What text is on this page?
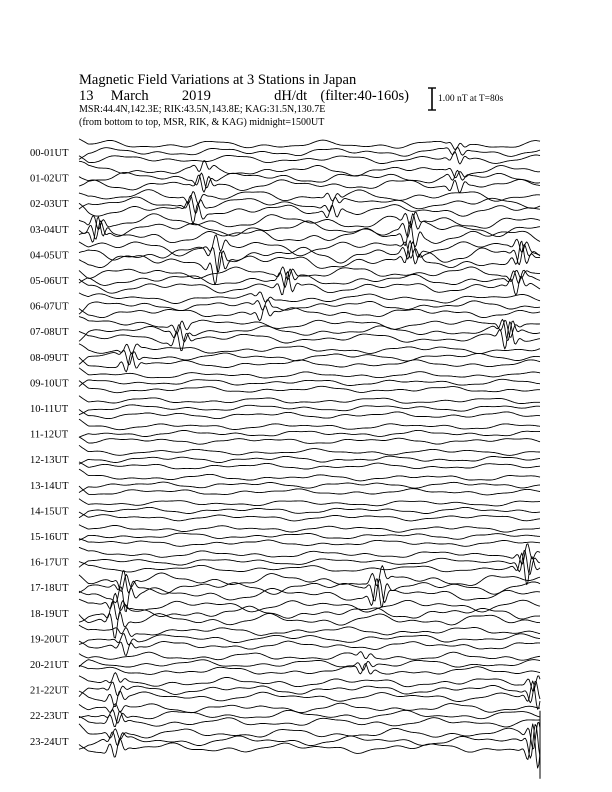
Magnetic Field Variations at 3 Stations in Japan
13 March 2019	dH/dt (filter:40-160s)
MSR:44.4N,142.3E; RIK:43.5N,143.8E; KAG:31.5N,130.7E
(from bottom to top, MSR, RIK, & KAG) midnight=1500UT
1.00 nT at T=80s
00-01UT
01-02UT
02-03UT
03-04UT
04-05UT
05-06UT
06-07UT
07-08UT
08-09UT
09-10UT
10-11UT
11-12UT
12-13UT
13-14UT
14-15UT
15-16UT
16-17UT
17-18UT
18-19UT
19-20UT
20-21UT
21-22UT
22-23UT
23-24UT
